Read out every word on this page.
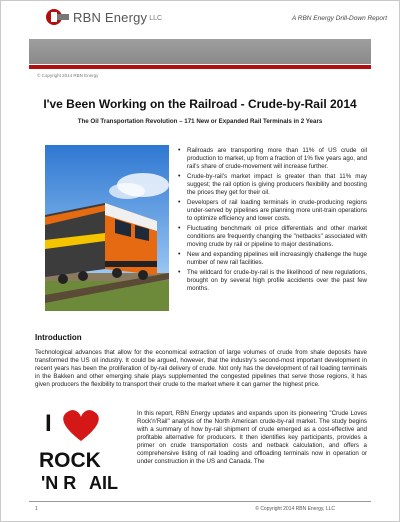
RBN Energy LLC	A RBN Energy Drill-Down Report
© Copyright 2014 RBN Energy
I've Been Working on the Railroad - Crude-by-Rail 2014
The Oil Transportation Revolution – 171 New or Expanded Rail Terminals in 2 Years
• Railroads are transporting more than 11% of US crude oil production to market, up from a fraction of 1% five years ago, and rail's share of crude-movement will increase further.
• Crude-by-rail's market impact is greater than that 11% may suggest; the rail option is giving producers flexibility and boosting the prices they get for their oil.
• Developers of rail loading terminals in crude-producing regions under-served by pipelines are planning more unit-train operations to optimize efficiency and lower costs.
• Fluctuating benchmark oil price differentials and other market conditions are frequently changing the "netbacks" associated with moving crude by rail or pipeline to major destinations.
• New and expanding pipelines will increasingly challenge the huge number of new rail facilities.
• The wildcard for crude-by-rail is the likelihood of new regulations, brought on by several high profile accidents over the past few months.
Introduction

Technological advances that allow for the economical extraction of large volumes of crude from shale deposits have transformed the US oil industry. It could be argued, however, that the industry's second-most important development in recent years has been the proliferation of by-rail delivery of crude. Not only has the development of rail loading terminals in the Bakken and other emerging shale plays supplemented the congested pipelines that serve those regions, it has given producers the flexibility to transport their crude to the market where it can garner the highest price.

I
ROCK
'N R AIL

In this report, RBN Energy updates and expands upon its pioneering "Crude Loves Rock'n'Rail" analysis of the North American crude-by-rail market. The study begins with a summary of how by-rail shipment of crude emerged as a cost-effective and profitable alternative for producers. It then identifies key participants, provides a primer on crude transportation costs and netback calculation, and offers a comprehensive listing of rail loading and offloading terminals now in operation or under construction in the US and Canada. The

1	© Copyright 2014 RBN Energy, LLC
